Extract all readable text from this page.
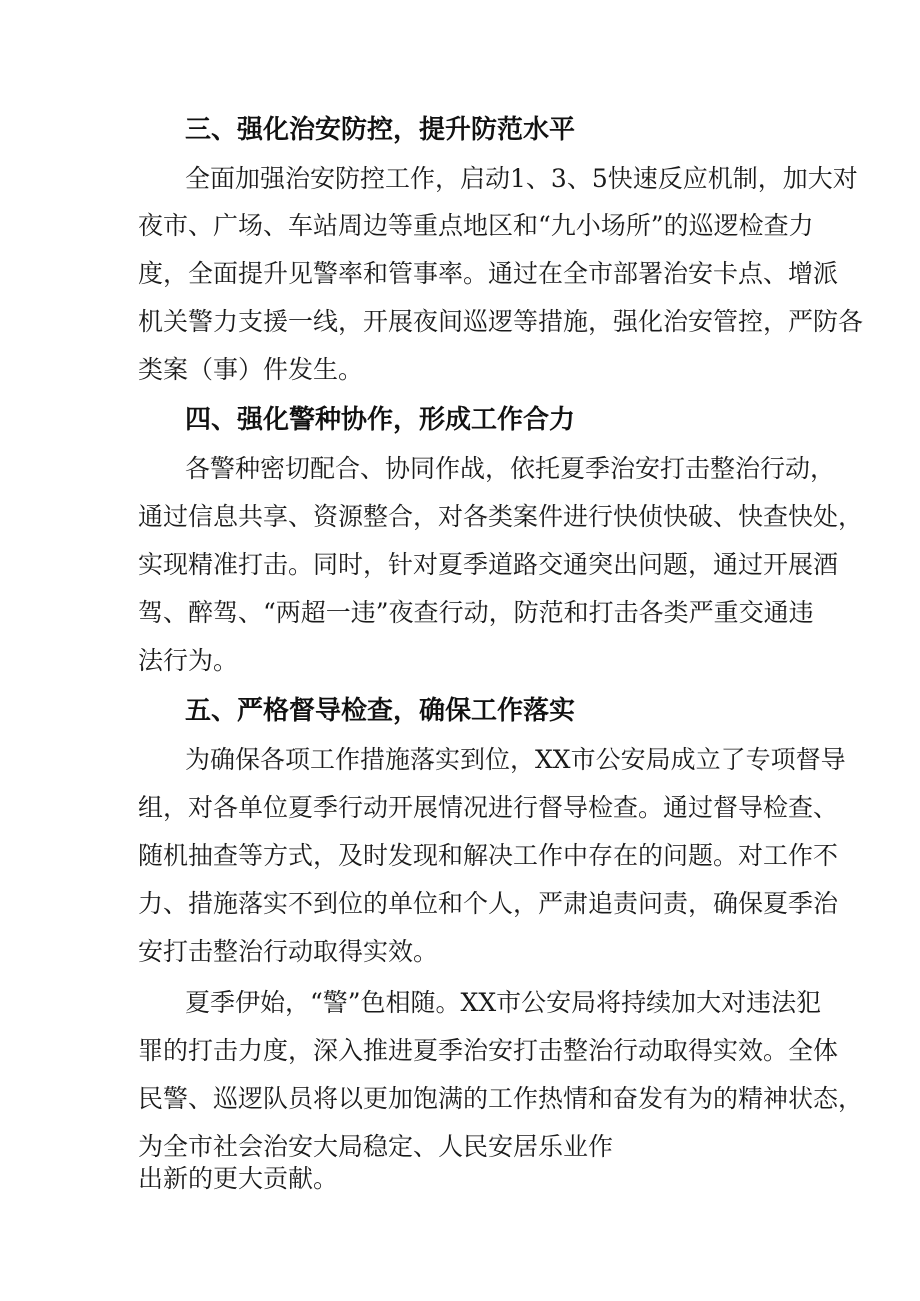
三、强化治安防控，提升防范水平

全面加强治安防控工作，启动1、3、5快速反应机制，加大对

夜市、广场、车站周边等重点地区和“九小场所”的巡逻检查力

度，全面提升见警率和管事率。通过在全市部署治安卡点、增派

机关警力支援一线，开展夜间巡逻等措施，强化治安管控，严防各

类案（事）件发生。

四、强化警种协作，形成工作合力

各警种密切配合、协同作战，依托夏季治安打击整治行动，

通过信息共享、资源整合，对各类案件进行快侦快破、快查快处，

实现精准打击。同时，针对夏季道路交通突出问题，通过开展酒

驾、醉驾、“两超一违”夜查行动，防范和打击各类严重交通违

法行为。

五、严格督导检查，确保工作落实

为确保各项工作措施落实到位，XX市公安局成立了专项督导

组，对各单位夏季行动开展情况进行督导检查。通过督导检查、

随机抽查等方式，及时发现和解决工作中存在的问题。对工作不

力、措施落实不到位的单位和个人，严肃追责问责，确保夏季治

安打击整治行动取得实效。

夏季伊始，“警”色相随。XX市公安局将持续加大对违法犯

罪的打击力度，深入推进夏季治安打击整治行动取得实效。全体

民警、巡逻队员将以更加饱满的工作热情和奋发有为的精神状态，

为全市社会治安大局稳定、人民安居乐业作

出新的更大贡献。
